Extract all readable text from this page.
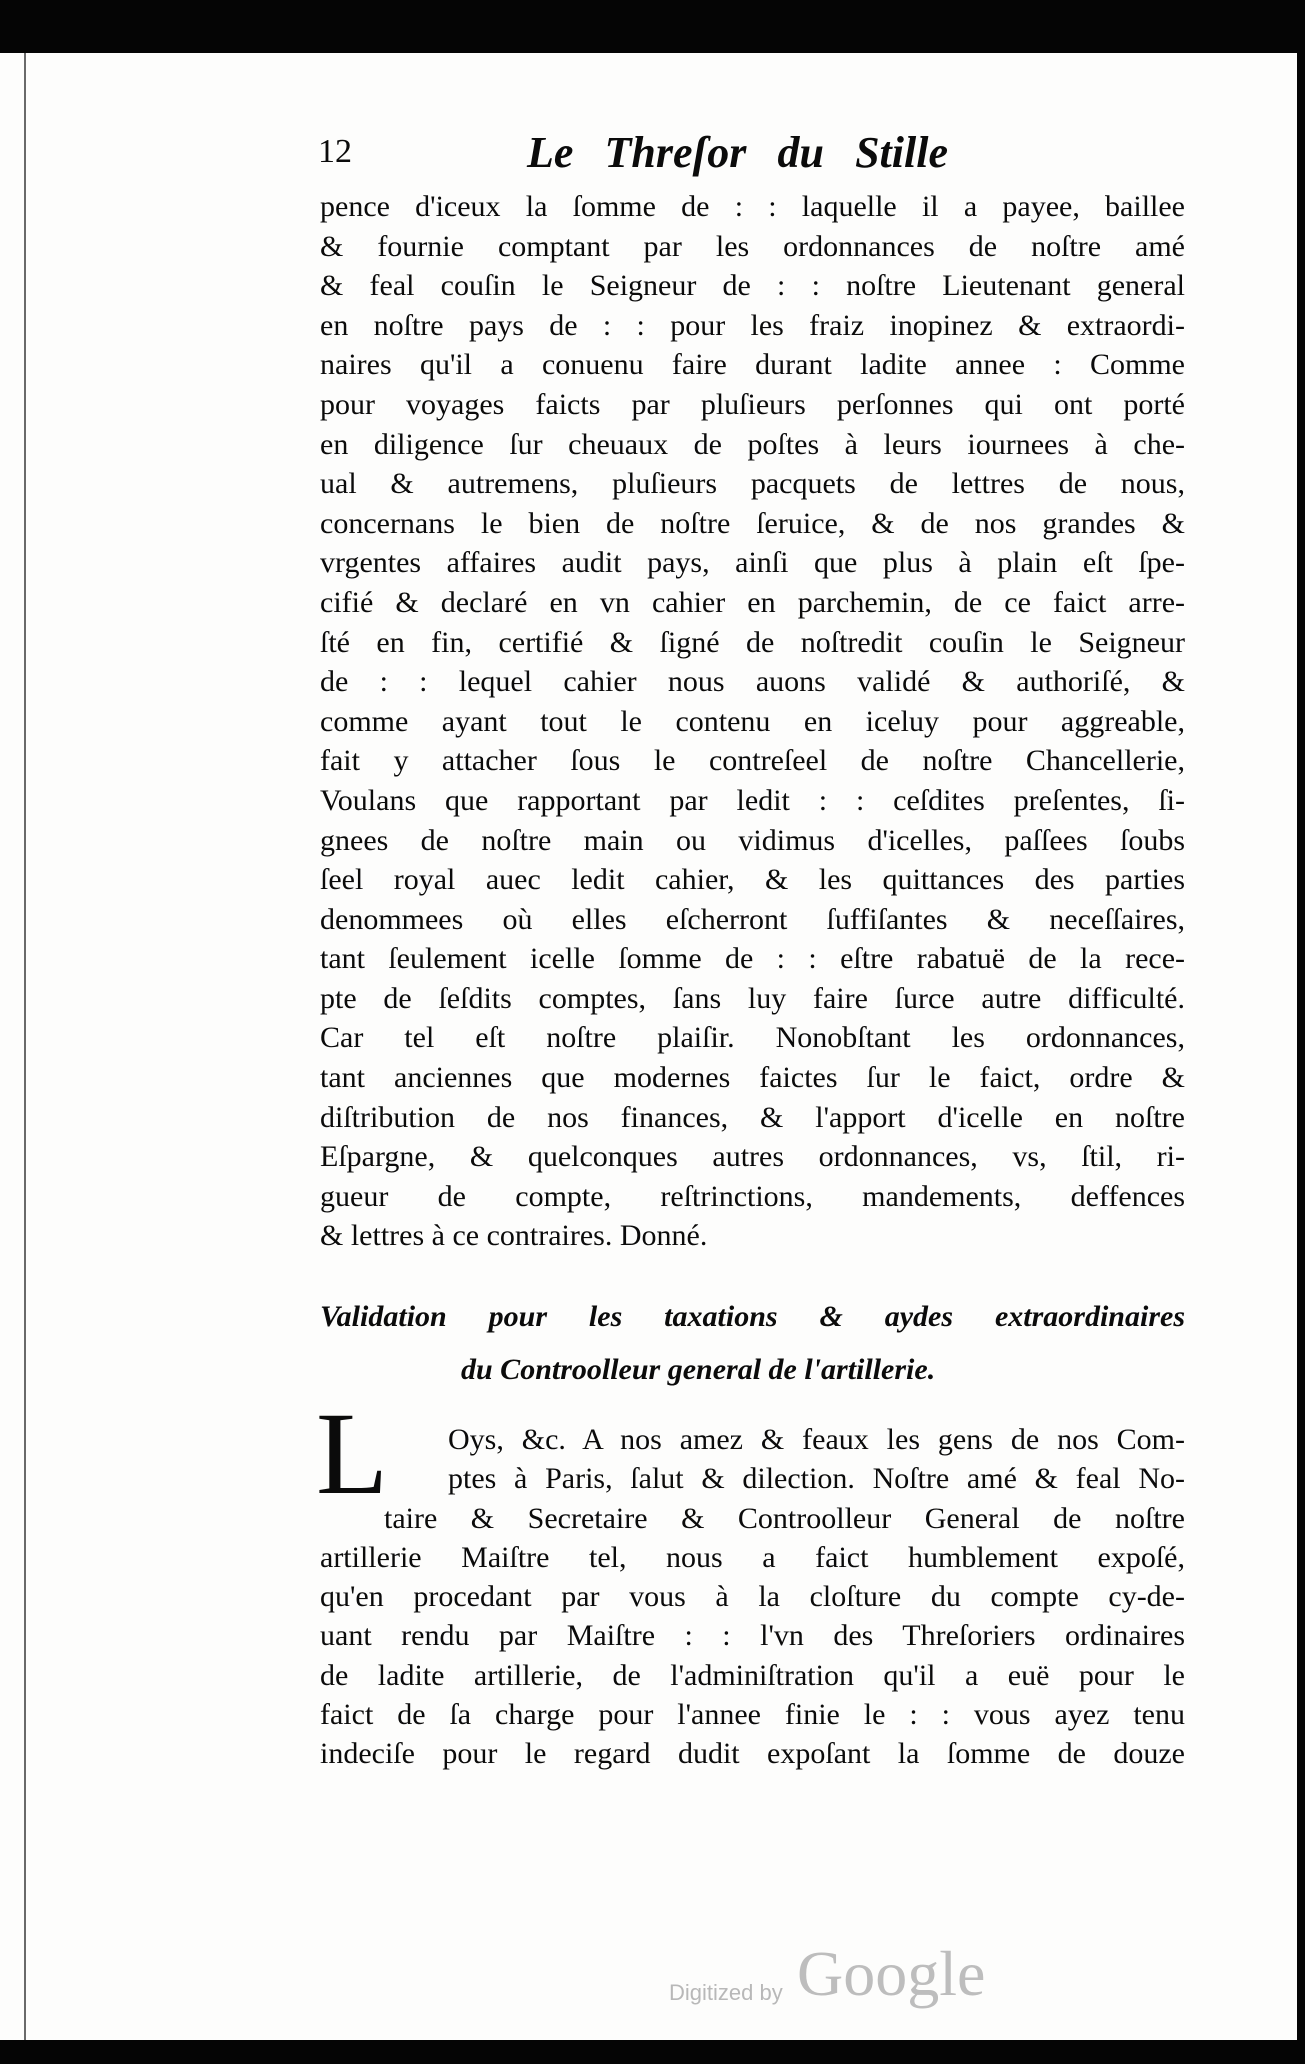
12	Le Threſor du Stille
pence d'iceux la ſomme de : : laquelle il a payee, baillee
& fournie comptant par les ordonnances de noſtre amé
& feal couſin le Seigneur de : : noſtre Lieutenant general
en noſtre pays de : : pour les fraiz inopinez & extraordi-
naires qu'il a conuenu faire durant ladite annee : Comme
pour voyages faicts par pluſieurs perſonnes qui ont porté
en diligence ſur cheuaux de poſtes à leurs iournees à che-
ual & autremens, pluſieurs pacquets de lettres de nous,
concernans le bien de noſtre ſeruice, & de nos grandes &
vrgentes affaires audit pays, ainſi que plus à plain eſt ſpe-
cifié & declaré en vn cahier en parchemin, de ce faict arre-
ſté en fin, certifié & ſigné de noſtredit couſin le Seigneur
de : : lequel cahier nous auons validé & authoriſé, &
comme ayant tout le contenu en iceluy pour aggreable,
fait y attacher ſous le contreſeel de noſtre Chancellerie,
Voulans que rapportant par ledit : : ceſdites preſentes, ſi-
gnees de noſtre main ou vidimus d'icelles, paſſees ſoubs
ſeel royal auec ledit cahier, & les quittances des parties
denommees où elles eſcherront ſuffiſantes & neceſſaires,
tant ſeulement icelle ſomme de : : eſtre rabatuë de la rece-
pte de ſeſdits comptes, ſans luy faire ſurce autre difficulté.
Car tel eſt noſtre plaiſir. Nonobſtant les ordonnances,
tant anciennes que modernes faictes ſur le faict, ordre &
diſtribution de nos finances, & l'apport d'icelle en noſtre
Eſpargne, & quelconques autres ordonnances, vs, ſtil, ri-
gueur de compte, reſtrinctions, mandements, deffences
& lettres à ce contraires. Donné.
Validation pour les taxations & aydes extraordinaires
du Controolleur general de l'artillerie.
L Oys, &c. A nos amez & feaux les gens de nos Com-
ptes à Paris, ſalut & dilection. Noſtre amé & feal No-
taire & Secretaire & Controolleur General de noſtre
artillerie Maiſtre tel, nous a faict humblement expoſé,
qu'en procedant par vous à la cloſture du compte cy-de-
uant rendu par Maiſtre : : l'vn des Threſoriers ordinaires
de ladite artillerie, de l'adminiſtration qu'il a euë pour le
faict de ſa charge pour l'annee finie le : : vous ayez tenu
indeciſe pour le regard dudit expoſant la ſomme de douze
Digitized by Google
